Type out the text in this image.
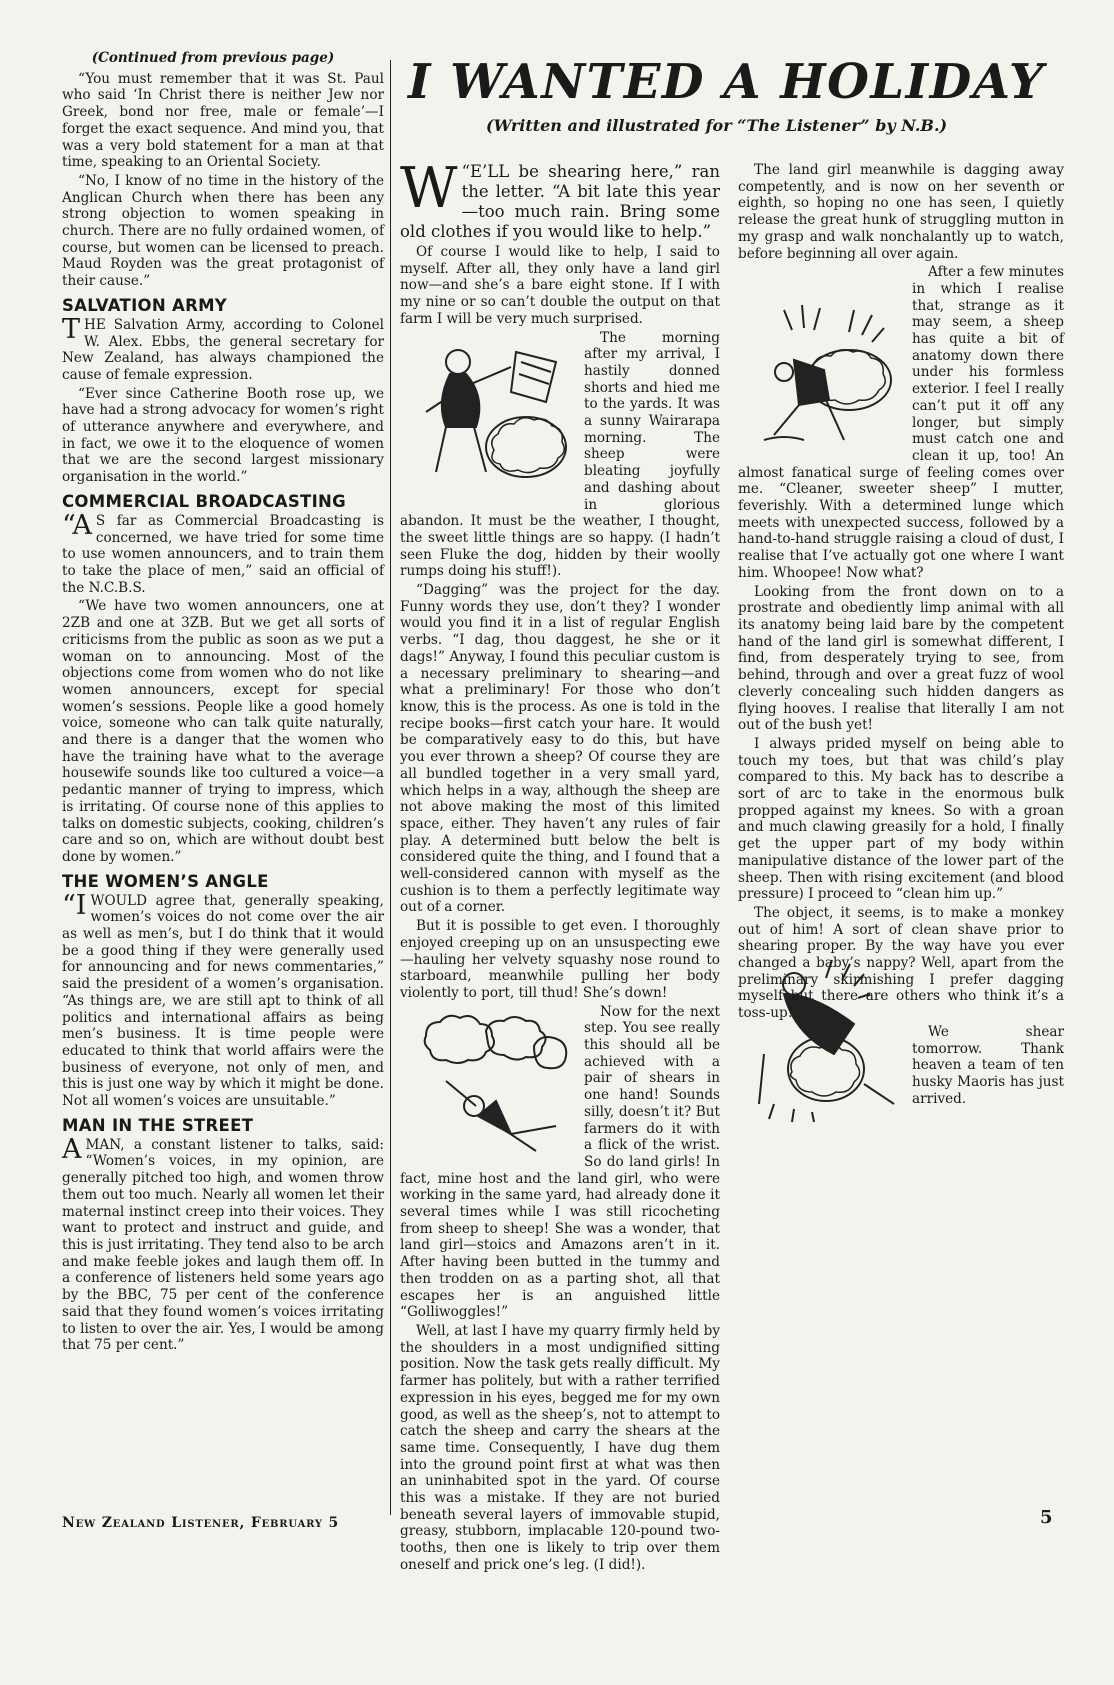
(Continued from previous page)

“You must remember that it was St. Paul who said ‘In Christ there is neither Jew nor Greek, bond nor free, male or female’—I forget the exact sequence. And mind you, that was a very bold statement for a man at that time, speaking to an Oriental Society.

“No, I know of no time in the history of the Anglican Church when there has been any strong objection to women speaking in church. There are no fully ordained women, of course, but women can be licensed to preach. Maud Royden was the great protagonist of their cause.”

SALVATION ARMY

THE Salvation Army, according to Colonel W. Alex. Ebbs, the general secretary for New Zealand, has always championed the cause of female expression.

“Ever since Catherine Booth rose up, we have had a strong advocacy for women’s right of utterance anywhere and everywhere, and in fact, we owe it to the eloquence of women that we are the second largest missionary organisation in the world.”

COMMERCIAL BROADCASTING

“A S far as Commercial Broadcasting is concerned, we have tried for some time to use women announcers, and to train them to take the place of men,” said an official of the N.C.B.S.

“We have two women announcers, one at 2ZB and one at 3ZB. But we get all sorts of criticisms from the public as soon as we put a woman on to announcing. Most of the objections come from women who do not like women announcers, except for special women’s sessions. People like a good homely voice, someone who can talk quite naturally, and there is a danger that the women who have the training have what to the average housewife sounds like too cultured a voice—a pedantic manner of trying to impress, which is irritating. Of course none of this applies to talks on domestic subjects, cooking, children’s care and so on, which are without doubt best done by women.”

THE WOMEN’S ANGLE

“IWOULD agree that, generally speaking, women’s voices do not come over the air as well as men’s, but I do think that it would be a good thing if they were generally used for announcing and for news commentaries,” said the president of a women’s organisation. “As things are, we are still apt to think of all politics and international affairs as being men’s business. It is time people were educated to think that world affairs were the business of everyone, not only of men, and this is just one way by which it might be done. Not all women’s voices are unsuitable.”

MAN IN THE STREET

AMAN, a constant listener to talks, said: “Women’s voices, in my opinion, are generally pitched too high, and women throw them out too much. Nearly all women let their maternal instinct creep into their voices. They want to protect and instruct and guide, and this is just irritating. They tend also to be arch and make feeble jokes and laugh them off. In a conference of listeners held some years ago by the BBC, 75 per cent of the conference said that they found women’s voices irritating to listen to over the air. Yes, I would be among that 75 per cent.”

I WANTED A HOLIDAY
(Written and illustrated for “The Listener” by N.B.)

W “E’LL be shearing here,” ran the letter. “A bit late this year—too much rain. Bring some old clothes if you would like to help.”

Of course I would like to help, I said to myself. After all, they only have a land girl now—and she’s a bare eight stone. If I with my nine or so can’t double the output on that farm I will be very much surprised.

The morning after my arrival, I hastily donned shorts and hied me to the yards. It was a sunny Wairarapa morning. The sheep were bleating joyfully and dashing about in glorious abandon. It must be the weather, I thought, the sweet little things are so happy. (I hadn’t seen Fluke the dog, hidden by their woolly rumps doing his stuff!).

“Dagging” was the project for the day. Funny words they use, don’t they? I wonder would you find it in a list of regular English verbs. “I dag, thou daggest, he she or it dags!” Anyway, I found this peculiar custom is a necessary preliminary to shearing—and what a preliminary! For those who don’t know, this is the process. As one is told in the recipe books—first catch your hare. It would be comparatively easy to do this, but have you ever thrown a sheep? Of course they are all bundled together in a very small yard, which helps in a way, although the sheep are not above making the most of this limited space, either. They haven’t any rules of fair play. A determined butt below the belt is considered quite the thing, and I found that a well-considered cannon with myself as the cushion is to them a perfectly legitimate way out of a corner.

But it is possible to get even. I thoroughly enjoyed creeping up on an unsuspecting ewe—hauling her velvety squashy nose round to starboard, meanwhile pulling her body violently to port, till thud! She’s down!

Now for the next step. You see really this should all be achieved with a pair of shears in one hand! Sounds silly, doesn’t it? But farmers do it with a flick of the wrist. So do land girls! In fact, mine host and the land girl, who were working in the same yard, had already done it several times while I was still ricocheting from sheep to sheep! She was a wonder, that land girl—stoics and Amazons aren’t in it. After having been butted in the tummy and then trodden on as a parting shot, all that escapes her is an anguished little “Golliwoggles!”

Well, at last I have my quarry firmly held by the shoulders in a most undignified sitting position. Now the task gets really difficult. My farmer has politely, but with a rather terrified expression in his eyes, begged me for my own good, as well as the sheep’s, not to attempt to catch the sheep and carry the shears at the same time. Consequently, I have dug them into the ground point first at what was then an uninhabited spot in the yard. Of course this was a mistake. If they are not buried beneath several layers of immovable stupid, greasy, stubborn, implacable 120-pound two-tooths, then one is likely to trip over them oneself and prick one’s leg. (I did!).

The land girl meanwhile is dagging away competently, and is now on her seventh or eighth, so hoping no one has seen, I quietly release the great hunk of struggling mutton in my grasp and walk nonchalantly up to watch, before beginning all over again.

After a few minutes in which I realise that, strange as it may seem, a sheep has quite a bit of anatomy down there under his formless exterior. I feel I really can’t put it off any longer, but simply must catch one and clean it up, too! An almost fanatical surge of feeling comes over me. “Cleaner, sweeter sheep” I mutter, feverishly. With a determined lunge which meets with unexpected success, followed by a hand-to-hand struggle raising a cloud of dust, I realise that I’ve actually got one where I want him. Whoopee! Now what?

Looking from the front down on to a prostrate and obediently limp animal with all its anatomy being laid bare by the competent hand of the land girl is somewhat different, I find, from desperately trying to see, from behind, through and over a great fuzz of wool cleverly concealing such hidden dangers as flying hooves. I realise that literally I am not out of the bush yet!

I always prided myself on being able to touch my toes, but that was child’s play compared to this. My back has to describe a sort of arc to take in the enormous bulk propped against my knees. So with a groan and much clawing greasily for a hold, I finally get the upper part of my body within manipulative distance of the lower part of the sheep. Then with rising excitement (and blood pressure) I proceed to “clean him up.”

The object, it seems, is to make a monkey out of him! A sort of clean shave prior to shearing proper. By the way have you ever changed a baby’s nappy? Well, apart from the preliminary skirmishing I prefer dagging myself but there are others who think it’s a toss-up!

We shear tomorrow. Thank heaven a team of ten husky Maoris has just arrived.

New Zealand Listener, February 5	5
